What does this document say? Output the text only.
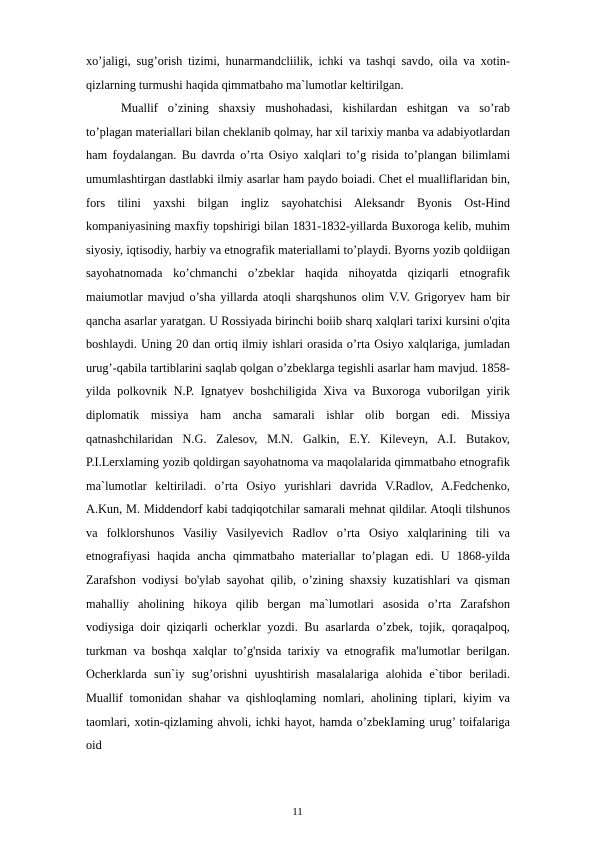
xo’jaligi, sug’orish tizimi, hunarmandcliilik, ichki va tashqi savdo, oila va xotin-qizlarning turmushi haqida qimmatbaho ma`lumotlar keltirilgan.

Muallif o’zining shaxsiy mushohadasi, kishilardan eshitgan va so’rab to’plagan materiallari bilan cheklanib qolmay, har xil tarixiy manba va adabiyotlardan ham foydalangan. Bu davrda o’rta Osiyo xalqlari to’g risida to’plangan bilimlami umumlashtirgan dastlabki ilmiy asarlar ham paydo boiadi. Chet el mualliflaridan bin, fors tilini yaxshi bilgan ingliz sayohatchisi Aleksandr Byonis Ost-Hind kompaniyasining maxfiy topshirigi bilan 1831-1832-yillarda Buxoroga kelib, muhim siyosiy, iqtisodiy, harbiy va etnografik materiallami to’playdi. Byorns yozib qoldiigan sayohatnomada ko’chmanchi o’zbeklar haqida nihoyatda qiziqarli etnografik maiumotlar mavjud o’sha yillarda atoqli sharqshunos olim V.V. Grigoryev ham bir qancha asarlar yaratgan. U Rossiyada birinchi boiib sharq xalqlari tarixi kursini o'qita boshlaydi. Uning 20 dan ortiq ilmiy ishlari orasida o’rta Osiyo xalqlariga, jumladan urug’-qabila tartiblarini saqlab qolgan o’zbeklarga tegishli asarlar ham mavjud. 1858-yilda polkovnik N.P. Ignatyev boshchiligida Xiva va Buxoroga vuborilgan yirik diplomatik missiya ham ancha samarali ishlar olib borgan edi. Missiya qatnashchilaridan N.G. Zalesov, M.N. Galkin, E.Y. Kileveyn, A.I. Butakov, P.I.Lerxlaming yozib qoldirgan sayohatnoma va maqolalarida qimmatbaho etnografik ma`lumotlar keltiriladi. o’rta Osiyo yurishlari davrida V.Radlov, A.Fedchenko, A.Kun, M. Middendorf kabi tadqiqotchilar samarali mehnat qildilar. Atoqli tilshunos va folklorshunos Vasiliy Vasilyevich Radlov o’rta Osiyo xalqlarining tili va etnografiyasi haqida ancha qimmatbaho materiallar to’plagan edi. U 1868-yilda Zarafshon vodiysi bo'ylab sayohat qilib, o’zining shaxsiy kuzatishlari va qisman mahalliy aholining hikoya qilib bergan ma`lumotlari asosida o’rta Zarafshon vodiysiga doir qiziqarli ocherklar yozdi. Bu asarlarda o’zbek, tojik, qoraqalpoq, turkman va boshqa xalqlar to’g'nsida tarixiy va etnografik ma'lumotlar berilgan. Ocherklarda sun`iy sug’orishni uyushtirish masalalariga alohida e`tibor beriladi. Muallif tomonidan shahar va qishloqlaming nomlari, aholining tiplari, kiyim va taomlari, xotin-qizlaming ahvoli, ichki hayot, hamda o’zbekIaming urug’ toifalariga oid

11
